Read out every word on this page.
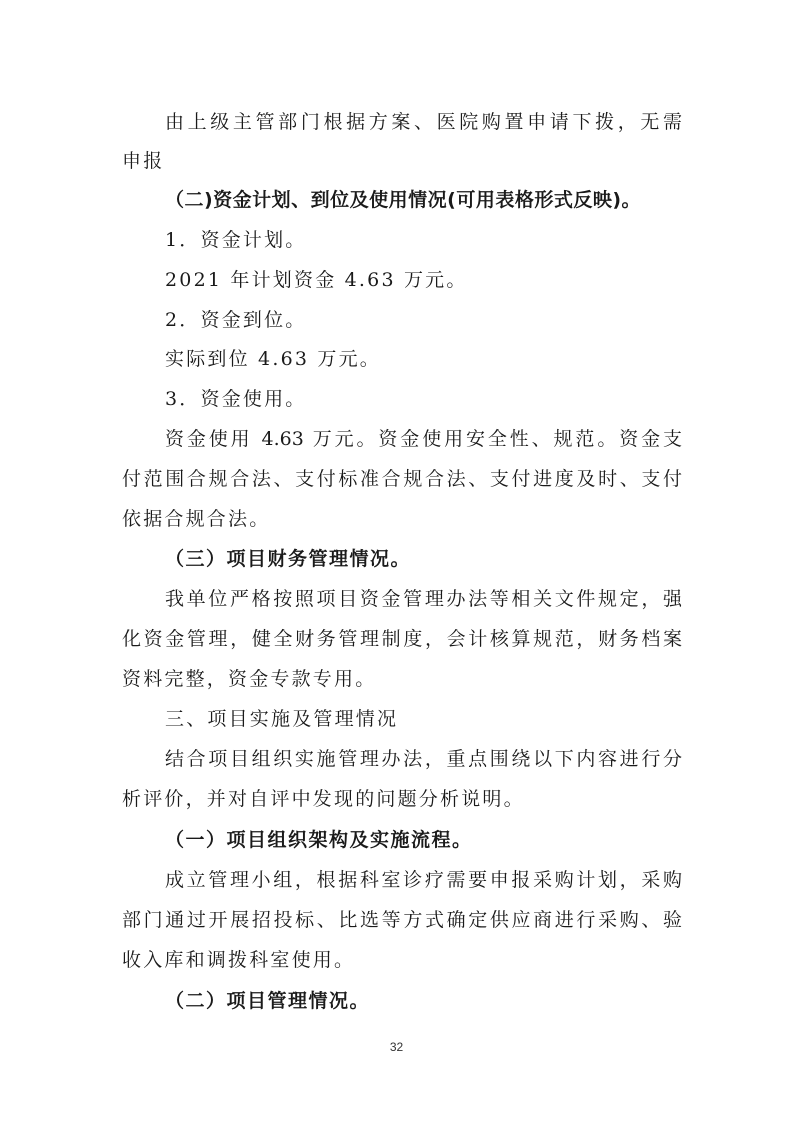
由上级主管部门根据方案、医院购置申请下拨，无需
申报
（二)资金计划、到位及使用情况(可用表格形式反映)。
1．资金计划。
2021 年计划资金 4.63 万元。
2．资金到位。
实际到位 4.63 万元。
3．资金使用。
资金使用 4.63 万元。资金使用安全性、规范。资金支
付范围合规合法、支付标准合规合法、支付进度及时、支付
依据合规合法。
（三）项目财务管理情况。
我单位严格按照项目资金管理办法等相关文件规定，强
化资金管理，健全财务管理制度，会计核算规范，财务档案
资料完整，资金专款专用。
三、项目实施及管理情况
结合项目组织实施管理办法，重点围绕以下内容进行分
析评价，并对自评中发现的问题分析说明。
（一）项目组织架构及实施流程。
成立管理小组，根据科室诊疗需要申报采购计划，采购
部门通过开展招投标、比选等方式确定供应商进行采购、验
收入库和调拨科室使用。
（二）项目管理情况。
32
